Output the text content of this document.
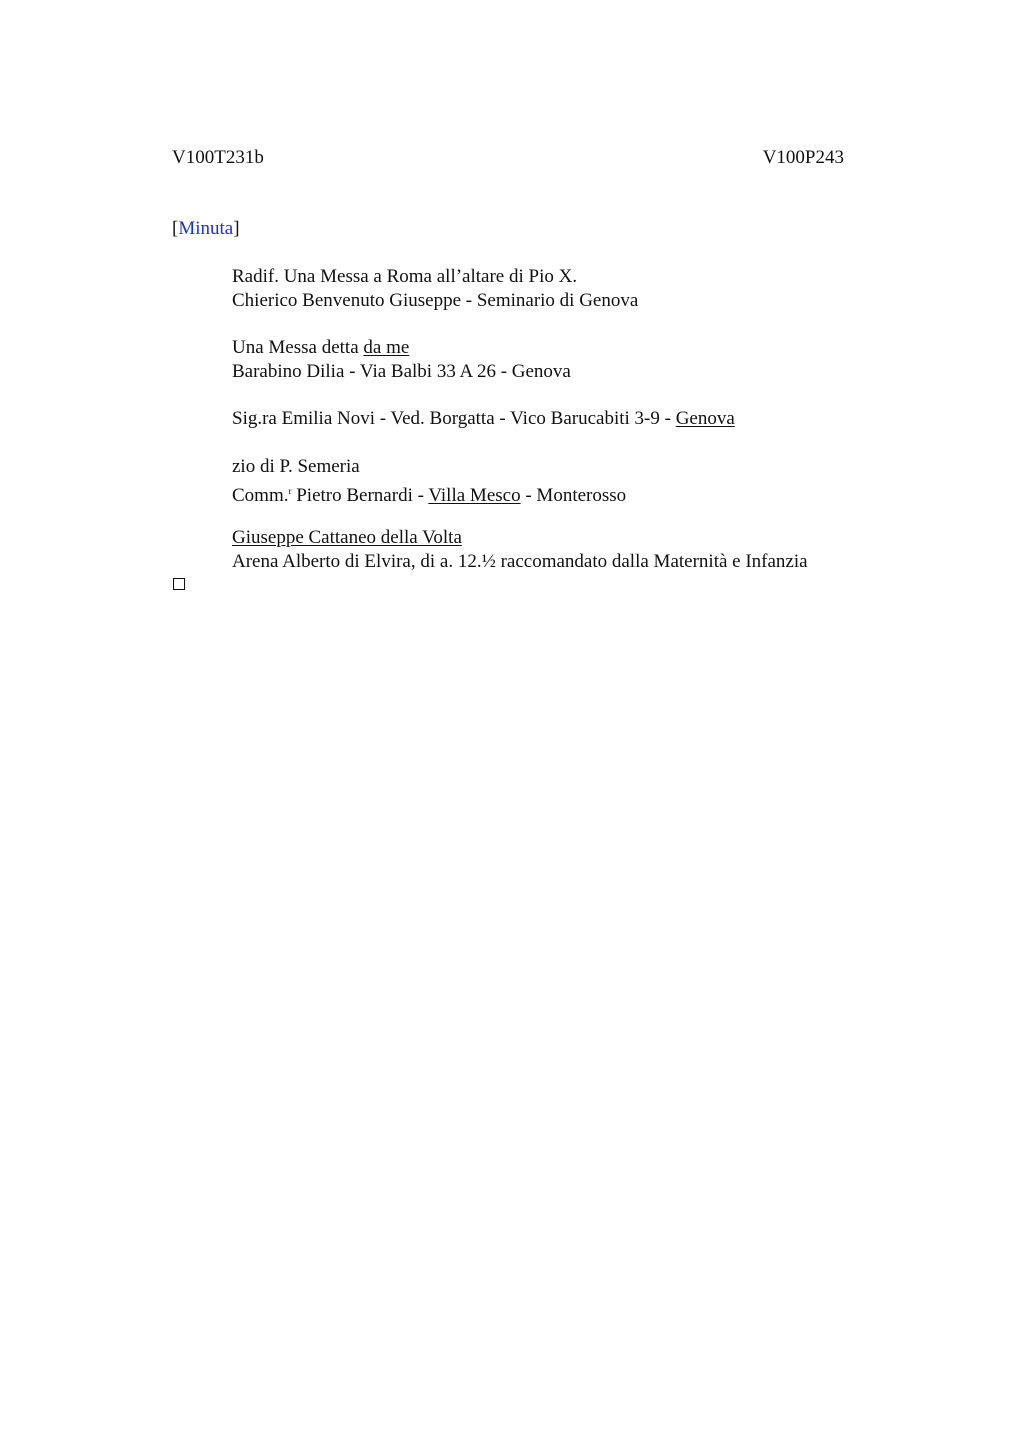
V100T231b	V100P243
[Minuta]
Radif. Una Messa a Roma all’altare di Pio X.
Chierico Benvenuto Giuseppe - Seminario di Genova
Una Messa detta da me
Barabino Dilia - Via Balbi 33 A 26 - Genova
Sig.ra Emilia Novi - Ved. Borgatta - Vico Barucabiti 3-9 - Genova
zio di P. Semeria
Comm.$^r$ Pietro Bernardi - Villa Mesco - Monterosso
Giuseppe Cattaneo della Volta
Arena Alberto di Elvira, di a. 12.½ raccomandato dalla Maternità e Infanzia
